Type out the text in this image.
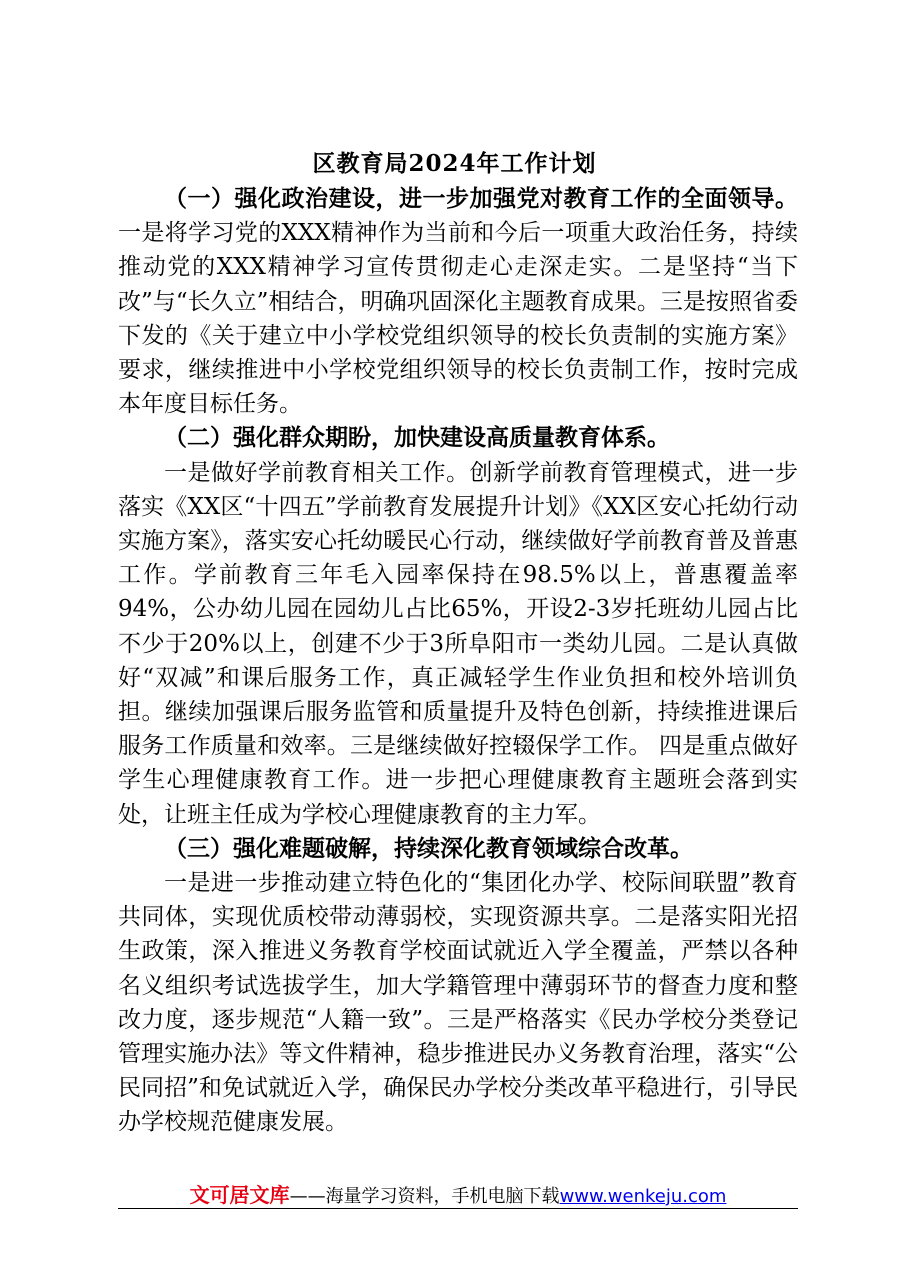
区教育局2024年工作计划

（一）强化政治建设，进一步加强党对教育工作的全面领导。一是将学习党的XXX精神作为当前和今后一项重大政治任务，持续推动党的XXX精神学习宣传贯彻走心走深走实。二是坚持“当下改”与“长久立”相结合，明确巩固深化主题教育成果。三是按照省委下发的《关于建立中小学校党组织领导的校长负责制的实施方案》要求，继续推进中小学校党组织领导的校长负责制工作，按时完成本年度目标任务。

（二）强化群众期盼，加快建设高质量教育体系。

一是做好学前教育相关工作。创新学前教育管理模式，进一步落实《XX区“十四五”学前教育发展提升计划》《XX区安心托幼行动实施方案》，落实安心托幼暖民心行动，继续做好学前教育普及普惠工作。学前教育三年毛入园率保持在98.5%以上，普惠覆盖率94%，公办幼儿园在园幼儿占比65%，开设2-3岁托班幼儿园占比不少于20%以上，创建不少于3所阜阳市一类幼儿园。二是认真做好“双减”和课后服务工作，真正减轻学生作业负担和校外培训负担。继续加强课后服务监管和质量提升及特色创新，持续推进课后服务工作质量和效率。三是继续做好控辍保学工作。 四是重点做好学生心理健康教育工作。进一步把心理健康教育主题班会落到实处，让班主任成为学校心理健康教育的主力军。

（三）强化难题破解，持续深化教育领域综合改革。

一是进一步推动建立特色化的“集团化办学、校际间联盟”教育共同体，实现优质校带动薄弱校，实现资源共享。二是落实阳光招生政策，深入推进义务教育学校面试就近入学全覆盖，严禁以各种名义组织考试选拔学生，加大学籍管理中薄弱环节的督查力度和整改力度，逐步规范“人籍一致”。三是严格落实《民办学校分类登记管理实施办法》等文件精神，稳步推进民办义务教育治理，落实“公民同招”和免试就近入学，确保民办学校分类改革平稳进行，引导民办学校规范健康发展。

文可居文库——海量学习资料，手机电脑下载www.wenkeju.com
